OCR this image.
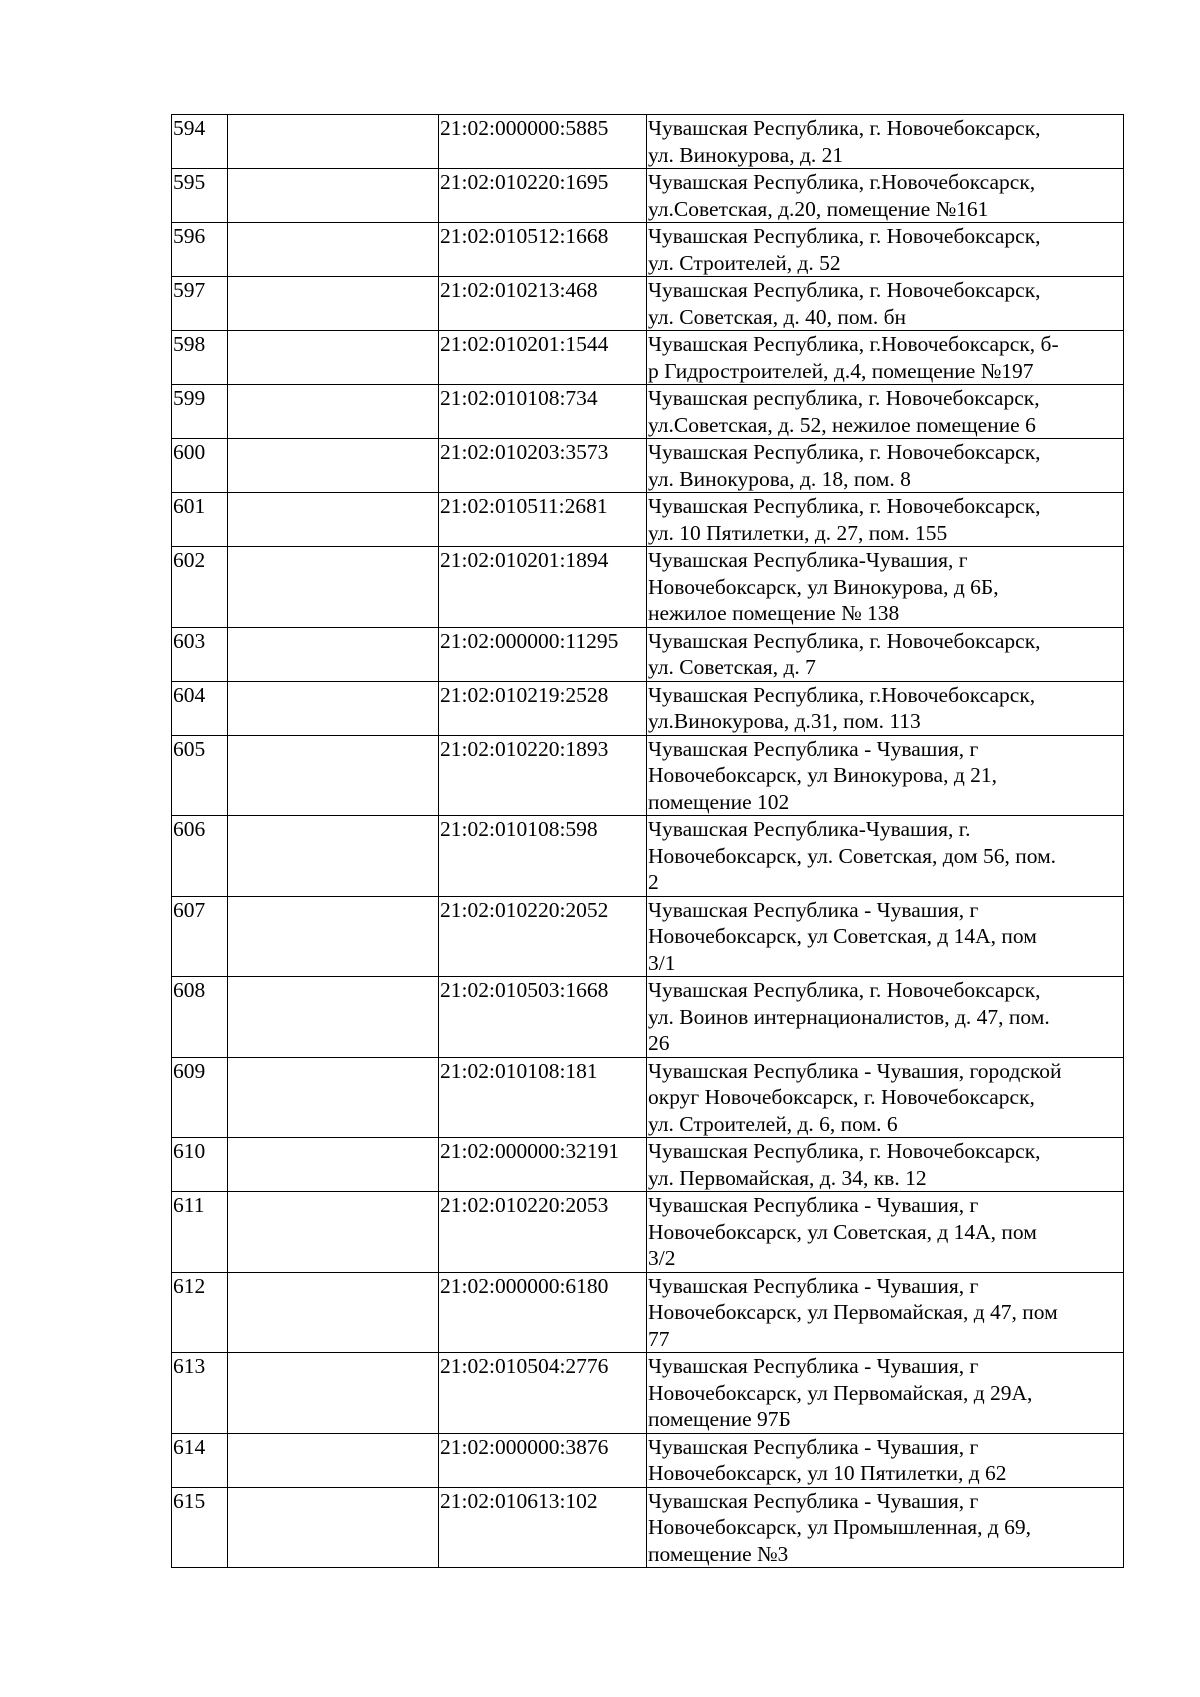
594		21:02:000000:5885	Чувашская Республика, г. Новочебоксарск,
ул. Винокурова, д. 21

595		21:02:010220:1695	Чувашская Республика, г.Новочебоксарск,
ул.Советская, д.20, помещение №161

596		21:02:010512:1668	Чувашская Республика, г. Новочебоксарск,
ул. Строителей, д. 52

597		21:02:010213:468	Чувашская Республика, г. Новочебоксарск,
ул. Советская, д. 40, пом. бн

598		21:02:010201:1544	Чувашская Республика, г.Новочебоксарск, б-
р Гидростроителей, д.4, помещение №197

599		21:02:010108:734	Чувашская республика, г. Новочебоксарск,
ул.Советская, д. 52, нежилое помещение 6

600		21:02:010203:3573	Чувашская Республика, г. Новочебоксарск,
ул. Винокурова, д. 18, пом. 8

601		21:02:010511:2681	Чувашская Республика, г. Новочебоксарск,
ул. 10 Пятилетки, д. 27, пом. 155

602		21:02:010201:1894	Чувашская Республика-Чувашия, г
Новочебоксарск, ул Винокурова, д 6Б,
нежилое помещение № 138

603		21:02:000000:11295	Чувашская Республика, г. Новочебоксарск,
ул. Советская, д. 7

604		21:02:010219:2528	Чувашская Республика, г.Новочебоксарск,
ул.Винокурова, д.31, пом. 113

605		21:02:010220:1893	Чувашская Республика - Чувашия, г
Новочебоксарск, ул Винокурова, д 21,
помещение 102

606		21:02:010108:598	Чувашская Республика-Чувашия, г.
Новочебоксарск, ул. Советская, дом 56, пом.
2

607		21:02:010220:2052	Чувашская Республика - Чувашия, г
Новочебоксарск, ул Советская, д 14А, пом
3/1

608		21:02:010503:1668	Чувашская Республика, г. Новочебоксарск,
ул. Воинов интернационалистов, д. 47, пом.
26

609		21:02:010108:181	Чувашская Республика - Чувашия, городской
округ Новочебоксарск, г. Новочебоксарск,
ул. Строителей, д. 6, пом. 6

610		21:02:000000:32191	Чувашская Республика, г. Новочебоксарск,
ул. Первомайская, д. 34, кв. 12

611		21:02:010220:2053	Чувашская Республика - Чувашия, г
Новочебоксарск, ул Советская, д 14А, пом
3/2

612		21:02:000000:6180	Чувашская Республика - Чувашия, г
Новочебоксарск, ул Первомайская, д 47, пом
77

613		21:02:010504:2776	Чувашская Республика - Чувашия, г
Новочебоксарск, ул Первомайская, д 29А,
помещение 97Б

614		21:02:000000:3876	Чувашская Республика - Чувашия, г
Новочебоксарск, ул 10 Пятилетки, д 62

615		21:02:010613:102	Чувашская Республика - Чувашия, г
Новочебоксарск, ул Промышленная, д 69,
помещение №3
